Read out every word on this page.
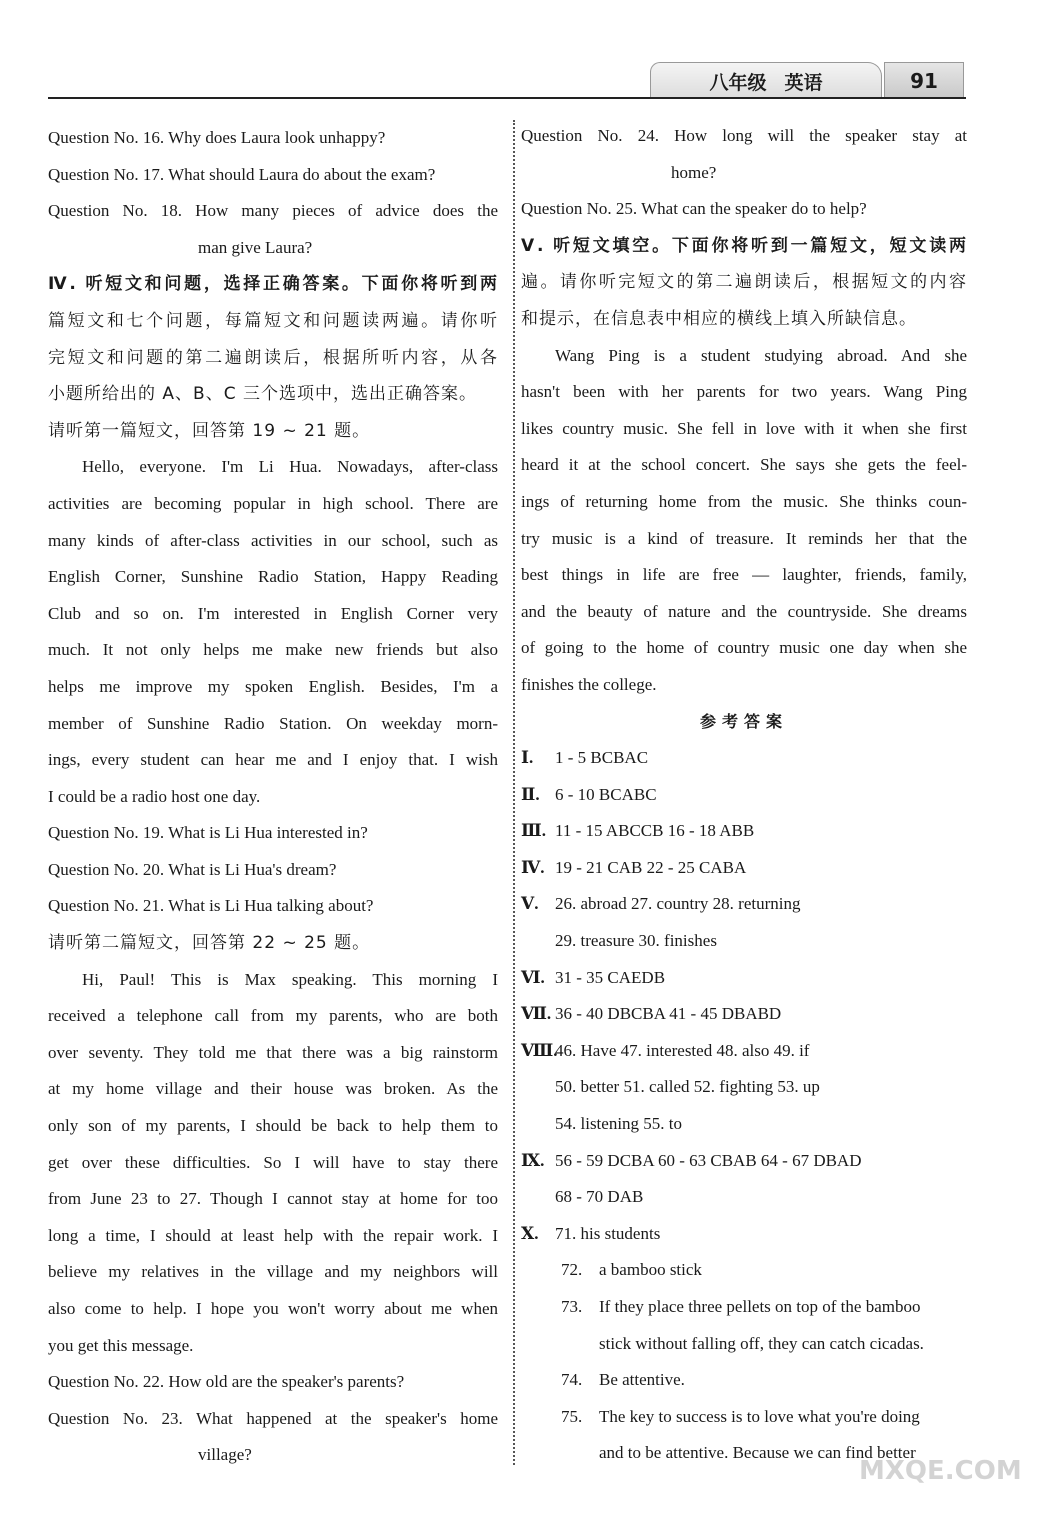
八年级 英语	91

Question No. 16. Why does Laura look unhappy?

Question No. 17. What should Laura do about the exam?

Question No. 18. How many pieces of advice does the

man give Laura?

Ⅳ. 听短文和问题，选择正确答案。下面你将听到两

篇短文和七个问题，每篇短文和问题读两遍。请你听

完短文和问题的第二遍朗读后，根据所听内容，从各

小题所给出的 A、B、C 三个选项中，选出正确答案。

请听第一篇短文，回答第 19 ~ 21 题。

Hello, everyone. I'm Li Hua. Nowadays, after-class

activities are becoming popular in high school. There are

many kinds of after-class activities in our school, such as

English Corner, Sunshine Radio Station, Happy Reading

Club and so on. I'm interested in English Corner very

much. It not only helps me make new friends but also

helps me improve my spoken English. Besides, I'm a

member of Sunshine Radio Station. On weekday morn-

ings, every student can hear me and I enjoy that. I wish

I could be a radio host one day.

Question No. 19. What is Li Hua interested in?

Question No. 20. What is Li Hua's dream?

Question No. 21. What is Li Hua talking about?

请听第二篇短文，回答第 22 ~ 25 题。

Hi, Paul! This is Max speaking. This morning I

received a telephone call from my parents, who are both

over seventy. They told me that there was a big rainstorm

at my home village and their house was broken. As the

only son of my parents, I should be back to help them to

get over these difficulties. So I will have to stay there

from June 23 to 27. Though I cannot stay at home for too

long a time, I should at least help with the repair work. I

believe my relatives in the village and my neighbors will

also come to help. I hope you won't worry about me when

you get this message.

Question No. 22. How old are the speaker's parents?

Question No. 23. What happened at the speaker's home

village?

Question No. 24. How long will the speaker stay at

home?

Question No. 25. What can the speaker do to help?

Ⅴ. 听短文填空。下面你将听到一篇短文，短文读两

遍。请你听完短文的第二遍朗读后，根据短文的内容

和提示，在信息表中相应的横线上填入所缺信息。

Wang Ping is a student studying abroad. And she

hasn't been with her parents for two years. Wang Ping

likes country music. She fell in love with it when she first

heard it at the school concert. She says she gets the feel-

ings of returning home from the music. She thinks coun-

try music is a kind of treasure. It reminds her that the

best things in life are free — laughter, friends, family,

and the beauty of nature and the countryside. She dreams

of going to the home of country music one day when she

finishes the college.

参考答案

Ⅰ.	1 - 5 BCBAC
Ⅱ. 6 - 10 BCABC
Ⅲ. 11 - 15 ABCCB 16 - 18 ABB
Ⅳ. 19 - 21 CAB 22 - 25 CABA
Ⅴ. 26. abroad 27. country 28. returning
29. treasure 30. finishes
Ⅵ. 31 - 35 CAEDB
Ⅶ. 36 - 40 DBCBA 41 - 45 DBABD
Ⅷ.
46. Have 47. interested 48. also 49. if
50. better 51. called 52. fighting 53. up
54. listening 55. to
Ⅸ. 56 - 59 DCBA 60 - 63 CBAB 64 - 67 DBAD
68 - 70 DAB
Ⅹ. 71. his students
72. a bamboo stick
73. If they place three pellets on top of the bamboo
stick without falling off, they can catch cicadas.
74. Be attentive.
75. The key to success is to love what you're doing
and to be attentive. Because we can find better
MXQE.COM
